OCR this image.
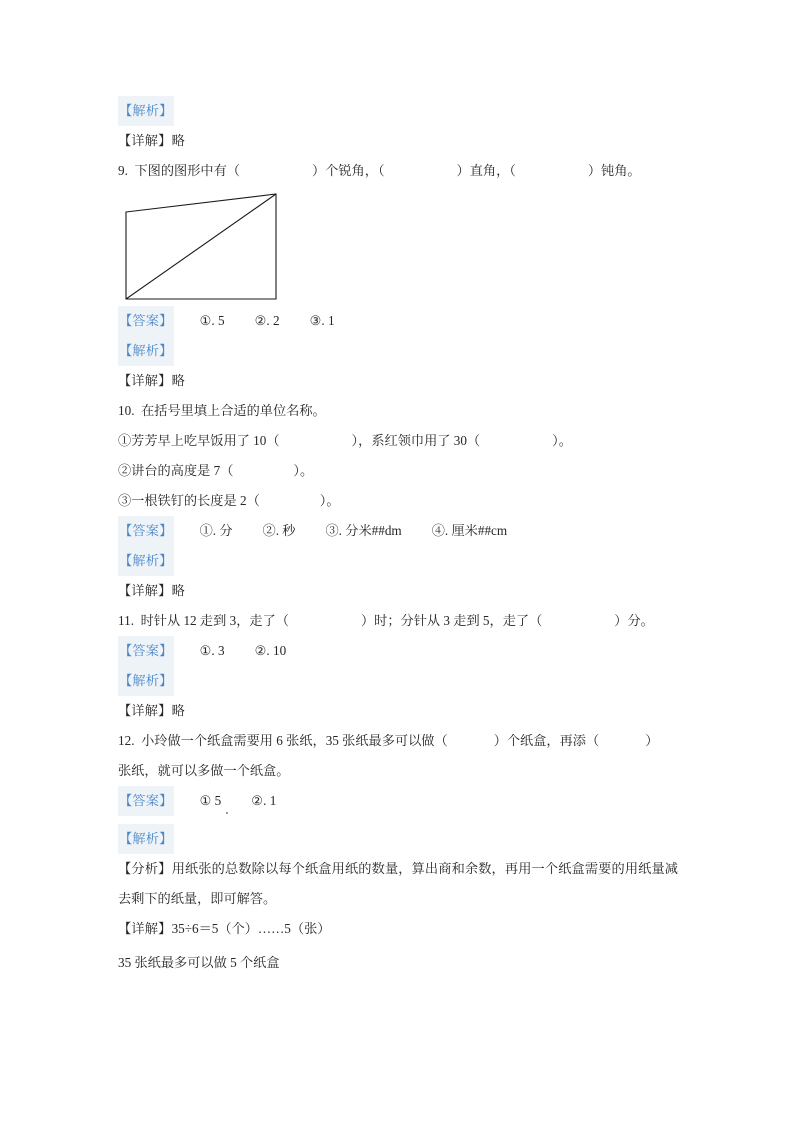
【解析】
【详解】略
9. 下图的图形中有（	）个锐角，（	）直角，（	）钝角。
【答案】 ①. 5 ②. 2 ③. 1
【解析】
【详解】略
10. 在括号里填上合适的单位名称。
①芳芳早上吃早饭用了 10（	），系红领巾用了 30（	）。
②讲台的高度是 7（	）。
③一根铁钉的长度是 2（	）。
【答案】 ①. 分 ②. 秒 ③. 分米##dm ④. 厘米##cm
【解析】
【详解】略
11. 时针从 12 走到 3，走了（	）时；分针从 3 走到 5，走了（	）分。
【答案】 ①. 3 ②. 10
【解析】
【详解】略
12. 小玲做一个纸盒需要用 6 张纸，35 张纸最多可以做（	）个纸盒，再添（	）
张纸，就可以多做一个纸盒。
【答案】 ① 5 ②. 1
【解析】
【分析】用纸张的总数除以每个纸盒用纸的数量，算出商和余数，再用一个纸盒需要的用纸量减去剩下的纸量，即可解答。
【详解】35÷6＝5（个）……5（张）
35 张纸最多可以做 5 个纸盒
